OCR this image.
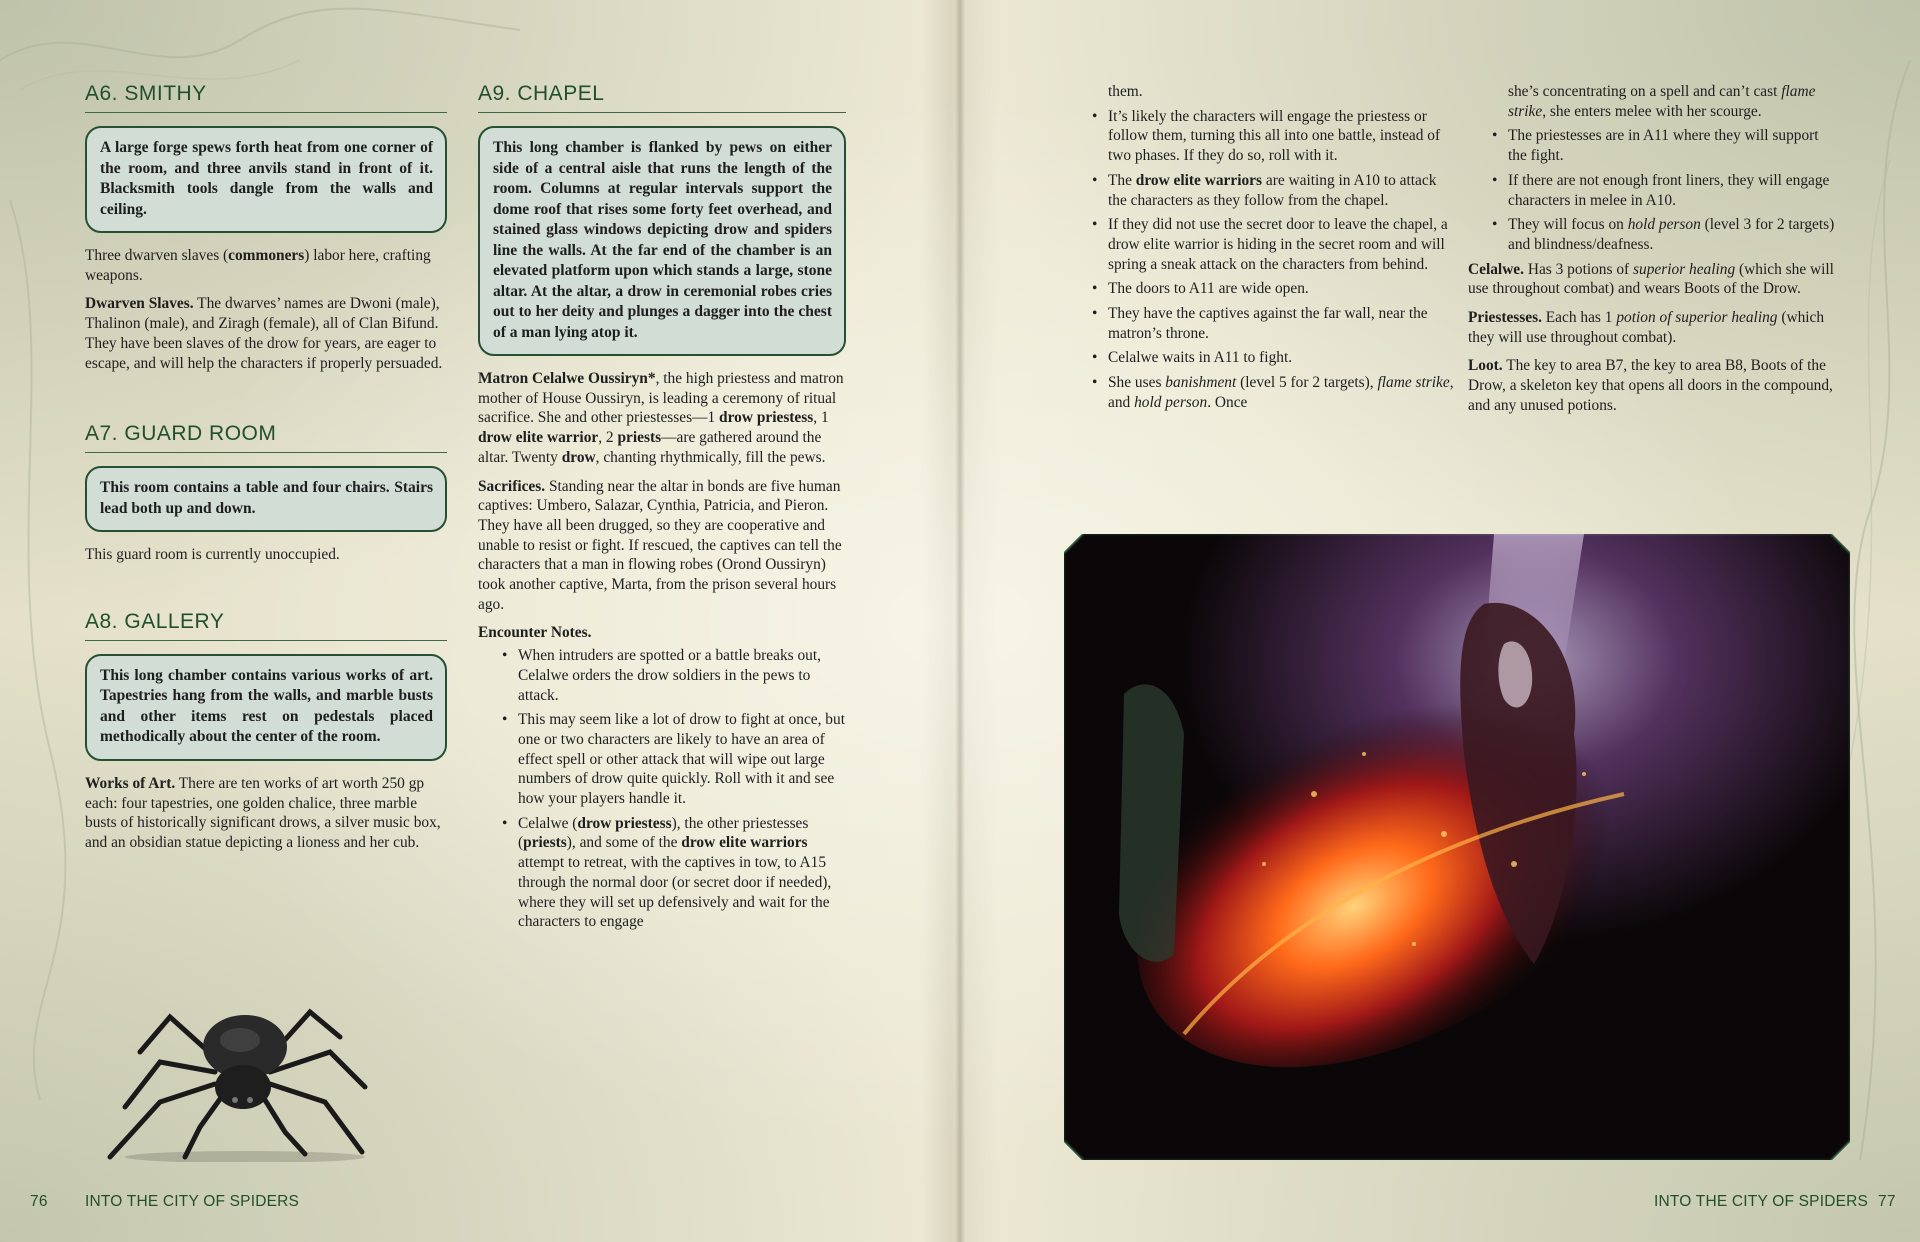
A6. SMITHY
A large forge spews forth heat from one corner of the room, and three anvils stand in front of it. Blacksmith tools dangle from the walls and ceiling.

Three dwarven slaves (commoners) labor here, crafting weapons.

Dwarven Slaves. The dwarves’ names are Dwoni (male), Thalinon (male), and Ziragh (female), all of Clan Bifund. They have been slaves of the drow for years, are eager to escape, and will help the characters if properly persuaded.

A7. GUARD ROOM
This room contains a table and four chairs. Stairs lead both up and down.

This guard room is currently unoccupied.

A8. GALLERY
This long chamber contains various works of art. Tapestries hang from the walls, and marble busts and other items rest on pedestals placed methodically about the center of the room.

Works of Art. There are ten works of art worth 250 gp each: four tapestries, one golden chalice, three marble busts of historically significant drows, a silver music box, and an obsidian statue depicting a lioness and her cub.

A9. CHAPEL
This long chamber is flanked by pews on either side of a central aisle that runs the length of the room. Columns at regular intervals support the dome roof that rises some forty feet overhead, and stained glass windows depicting drow and spiders line the walls. At the far end of the chamber is an elevated platform upon which stands a large, stone altar. At the altar, a drow in ceremonial robes cries out to her deity and plunges a dagger into the chest of a man lying atop it.

Matron Celalwe Oussiryn*, the high priestess and matron mother of House Oussiryn, is leading a ceremony of ritual sacrifice. She and other priestesses—1 drow priestess, 1 drow elite warrior, 2 priests—are gathered around the altar. Twenty drow, chanting rhythmically, fill the pews.

Sacrifices. Standing near the altar in bonds are five human captives: Umbero, Salazar, Cynthia, Patricia, and Pieron. They have all been drugged, so they are cooperative and unable to resist or fight. If rescued, the captives can tell the characters that a man in flowing robes (Orond Oussiryn) took another captive, Marta, from the prison several hours ago.

Encounter Notes.

• When intruders are spotted or a battle breaks out, Celalwe orders the drow soldiers in the pews to attack.
• This may seem like a lot of drow to fight at once, but one or two characters are likely to have an area of effect spell or other attack that will wipe out large numbers of drow quite quickly. Roll with it and see how your players handle it.
• Celalwe (drow priestess), the other priestesses (priests), and some of the drow elite warriors attempt to retreat, with the captives in tow, to A15 through the normal door (or secret door if needed), where they will set up defensively and wait for the characters to engage
76 INTO THE CITY OF SPIDERS
them.
• It’s likely the characters will engage the priestess or follow them, turning this all into one battle, instead of two phases. If they do so, roll with it.
• The drow elite warriors are waiting in A10 to attack the characters as they follow from the chapel.
• If they did not use the secret door to leave the chapel, a drow elite warrior is hiding in the secret room and will spring a sneak attack on the characters from behind.
• The doors to A11 are wide open.
• They have the captives against the far wall, near the matron’s throne.
• Celalwe waits in A11 to fight.
• She uses banishment (level 5 for 2 targets), flame strike, and hold person. Once
she’s concentrating on a spell and can’t cast flame strike, she enters melee with her scourge.
• The priestesses are in A11 where they will support the fight.
• If there are not enough front liners, they will engage characters in melee in A10.
• They will focus on hold person (level 3 for 2 targets) and blindness/deafness.

Celalwe. Has 3 potions of superior healing (which she will use throughout combat) and wears Boots of the Drow.

Priestesses. Each has 1 potion of superior healing (which they will use throughout combat).

Loot. The key to area B7, the key to area B8, Boots of the Drow, a skeleton key that opens all doors in the compound, and any unused potions.

INTO THE CITY OF SPIDERS 77
